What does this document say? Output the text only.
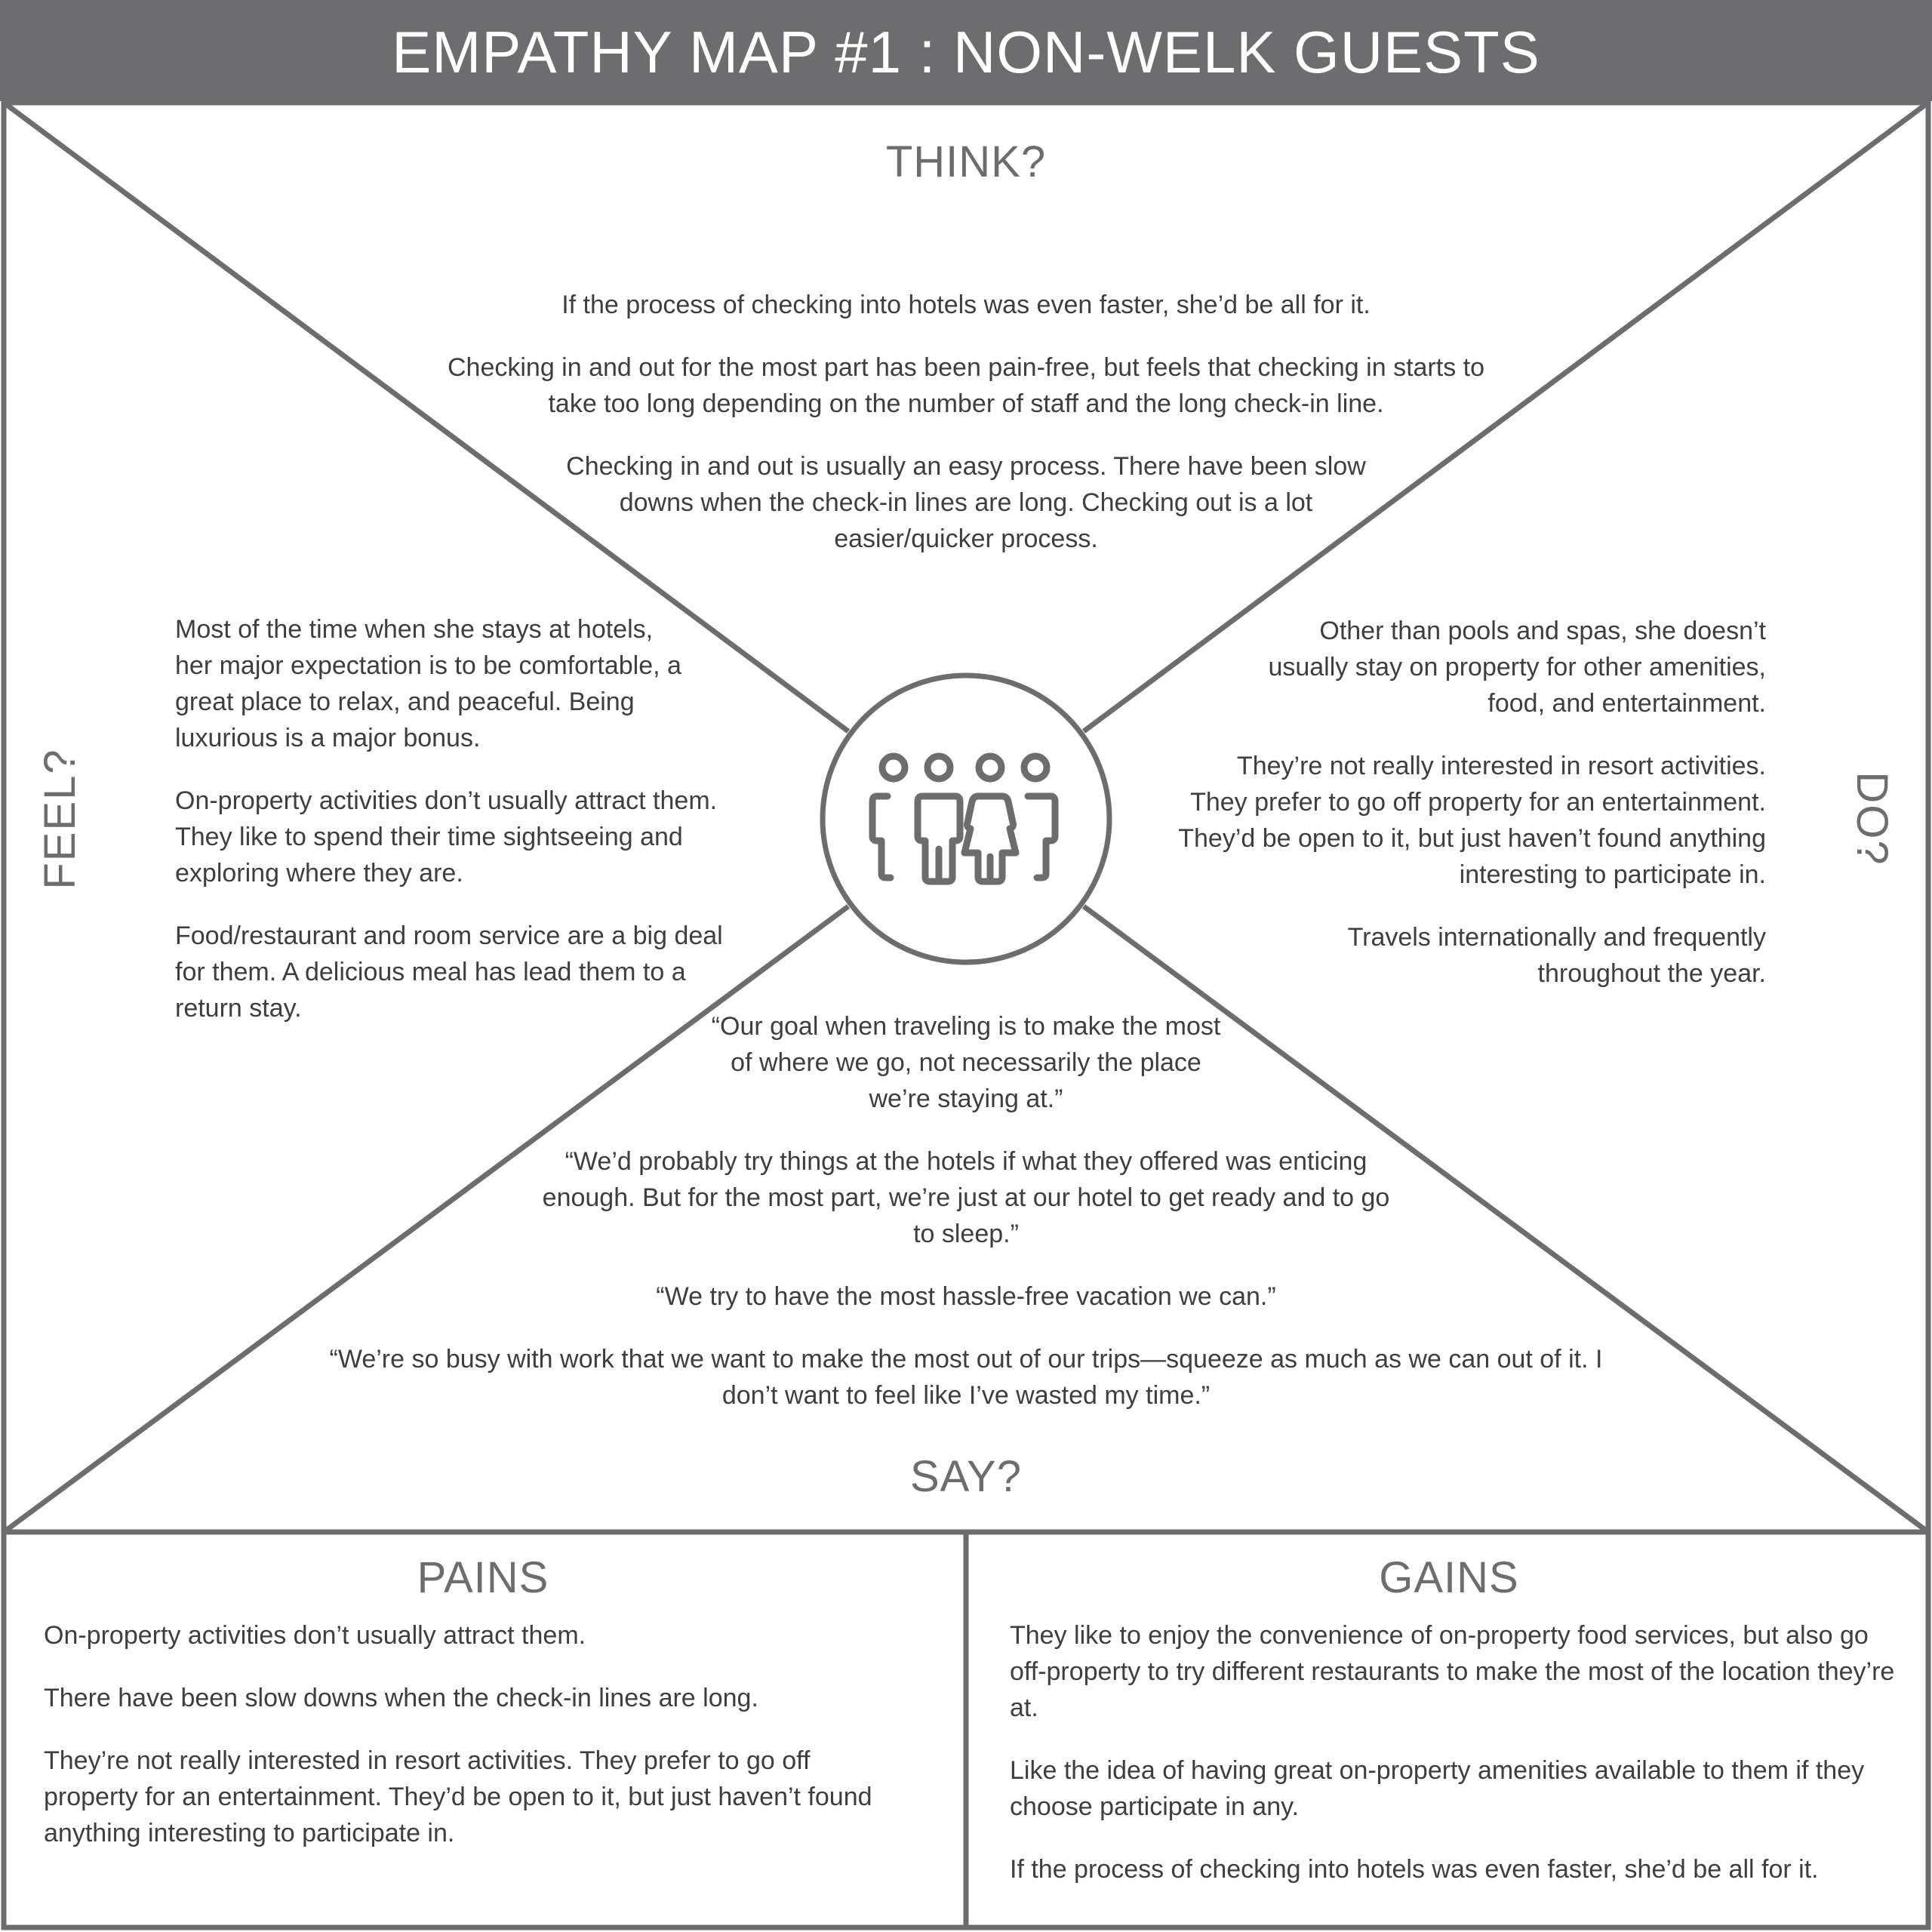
EMPATHY MAP #1 : NON-WELK GUESTS
THINK?
SAY?
FEEL?	DO?
PAINS	GAINS

If the process of checking into hotels was even faster, she’d be all for it.

Checking in and out for the most part has been pain-free, but feels that checking in starts to take too long depending on the number of staff and the long check-in line.

Checking in and out is usually an easy process. There have been slow downs when the check-in lines are long. Checking out is a lot easier/quicker process.

Most of the time when she stays at hotels, her major expectation is to be comfortable, a great place to relax, and peaceful. Being luxurious is a major bonus.

On-property activities don’t usually attract them. They like to spend their time sightseeing and exploring where they are.

Food/restaurant and room service are a big deal for them. A delicious meal has lead them to a return stay.

Other than pools and spas, she doesn’t usually stay on property for other amenities, food, and entertainment.

They’re not really interested in resort activities. They prefer to go off property for an entertainment. They’d be open to it, but just haven’t found anything interesting to participate in.

Travels internationally and frequently throughout the year.

“Our goal when traveling is to make the most of where we go, not necessarily the place we’re staying at.”

“We’d probably try things at the hotels if what they offered was enticing enough. But for the most part, we’re just at our hotel to get ready and to go to sleep.”

“We try to have the most hassle-free vacation we can.”

“We’re so busy with work that we want to make the most out of our trips—squeeze as much as we can out of it. I don’t want to feel like I’ve wasted my time.”

On-property activities don’t usually attract them.

There have been slow downs when the check-in lines are long.

They’re not really interested in resort activities. They prefer to go off property for an entertainment. They’d be open to it, but just haven’t found anything interesting to participate in.

They like to enjoy the convenience of on-property food services, but also go off-property to try different restaurants to make the most of the location they’re at.

Like the idea of having great on-property amenities available to them if they choose participate in any.

If the process of checking into hotels was even faster, she’d be all for it.
